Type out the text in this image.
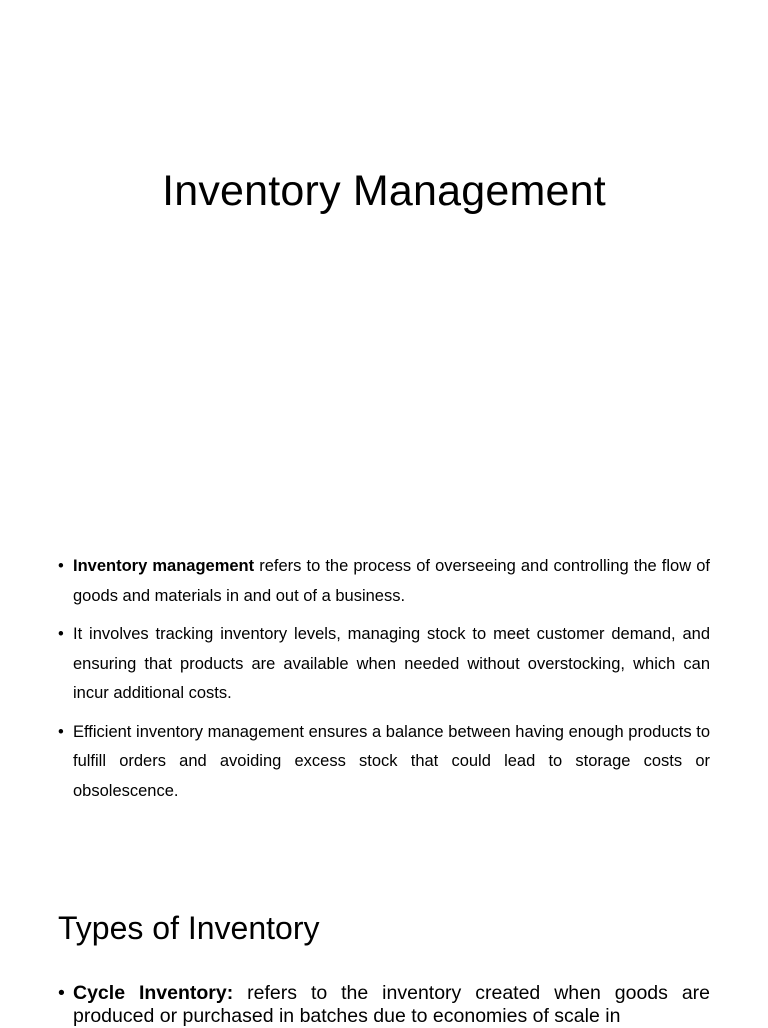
Inventory Management
• Inventory management refers to the process of overseeing and controlling the flow of goods and materials in and out of a business.
• It involves tracking inventory levels, managing stock to meet customer demand, and ensuring that products are available when needed without overstocking, which can incur additional costs.
• Efficient inventory management ensures a balance between having enough products to fulfill orders and avoiding excess stock that could lead to storage costs or obsolescence.
Types of Inventory
• Cycle Inventory: refers to the inventory created when goods are produced or purchased in batches due to economies of scale in
